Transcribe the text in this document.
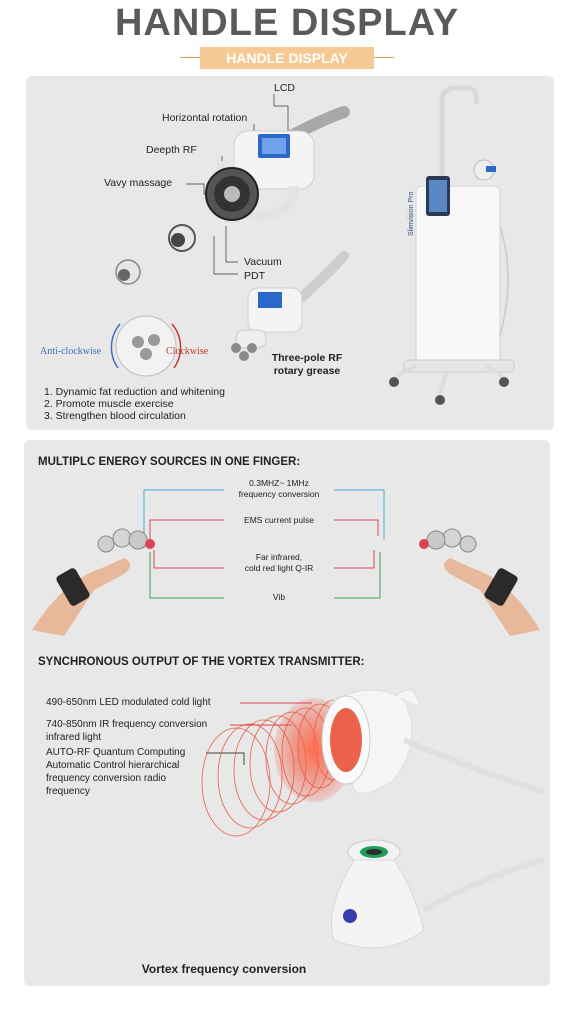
HANDLE DISPLAY
HANDLE DISPLAY
LCD
Horizontal rotation
Deepth RF
Vavy massage
Vacuum
PDT
Three-pole RF
rotary grease
Anti-clockwise	Clockwise
1. Dynamic fat reduction and whitening
2. Promote muscle exercise
3. Strengthen blood circulation
Slimvision Pro
MULTIPLC ENERGY SOURCES IN ONE FINGER:
0.3MHZ~ 1MHz
frequency conversion
EMS current pulse
Far infrared,
cold red light Q-IR
Vib
SYNCHRONOUS OUTPUT OF THE VORTEX TRANSMITTER:
490-650nm LED modulated cold light
740-850nm IR frequency conversion
infrared light
AUTO-RF Quantum Computing
Automatic Control hierarchical
frequency conversion radio
frequency
Vortex frequency conversion
